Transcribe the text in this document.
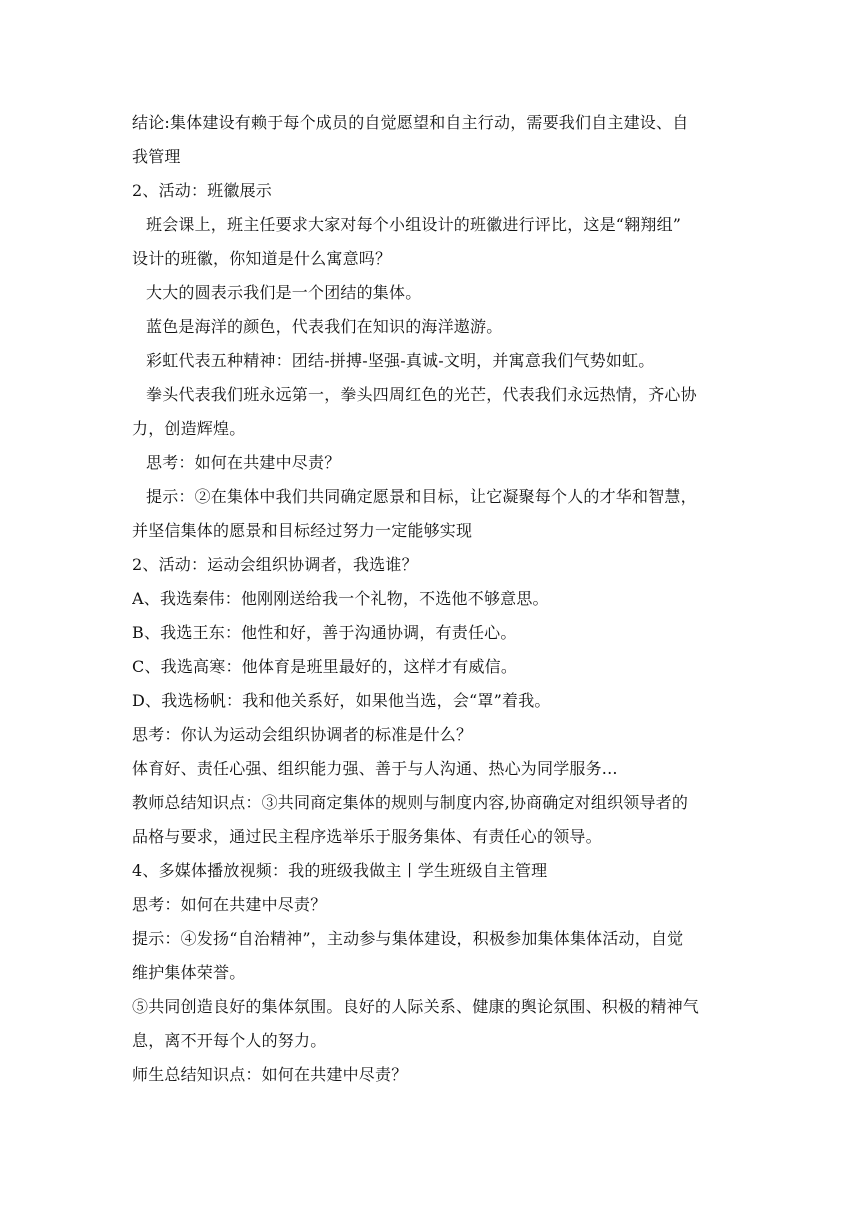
结论:集体建设有赖于每个成员的自觉愿望和自主行动，需要我们自主建设、自
我管理
2、活动：班徽展示
班会课上，班主任要求大家对每个小组设计的班徽进行评比，这是“翱翔组”
设计的班徽，你知道是什么寓意吗？
大大的圆表示我们是一个团结的集体。
蓝色是海洋的颜色，代表我们在知识的海洋遨游。
彩虹代表五种精神：团结-拼搏-坚强-真诚-文明，并寓意我们气势如虹。
拳头代表我们班永远第一，拳头四周红色的光芒，代表我们永远热情，齐心协
力，创造辉煌。
思考：如何在共建中尽责？
提示：②在集体中我们共同确定愿景和目标，让它凝聚每个人的才华和智慧，
并坚信集体的愿景和目标经过努力一定能够实现
2、活动：运动会组织协调者，我选谁？
A、我选秦伟：他刚刚送给我一个礼物，不选他不够意思。
B、我选王东：他性和好，善于沟通协调，有责任心。
C、我选高寒：他体育是班里最好的，这样才有威信。
D、我选杨帆：我和他关系好，如果他当选，会“罩”着我。
思考：你认为运动会组织协调者的标准是什么？
体育好、责任心强、组织能力强、善于与人沟通、热心为同学服务...
教师总结知识点：③共同商定集体的规则与制度内容,协商确定对组织领导者的
品格与要求，通过民主程序选举乐于服务集体、有责任心的领导。
4、多媒体播放视频：我的班级我做主丨学生班级自主管理
思考：如何在共建中尽责？
提示：④发扬“自治精神”，主动参与集体建设，积极参加集体集体活动，自觉
维护集体荣誉。
⑤共同创造良好的集体氛围。良好的人际关系、健康的舆论氛围、积极的精神气
息，离不开每个人的努力。
师生总结知识点：如何在共建中尽责？
